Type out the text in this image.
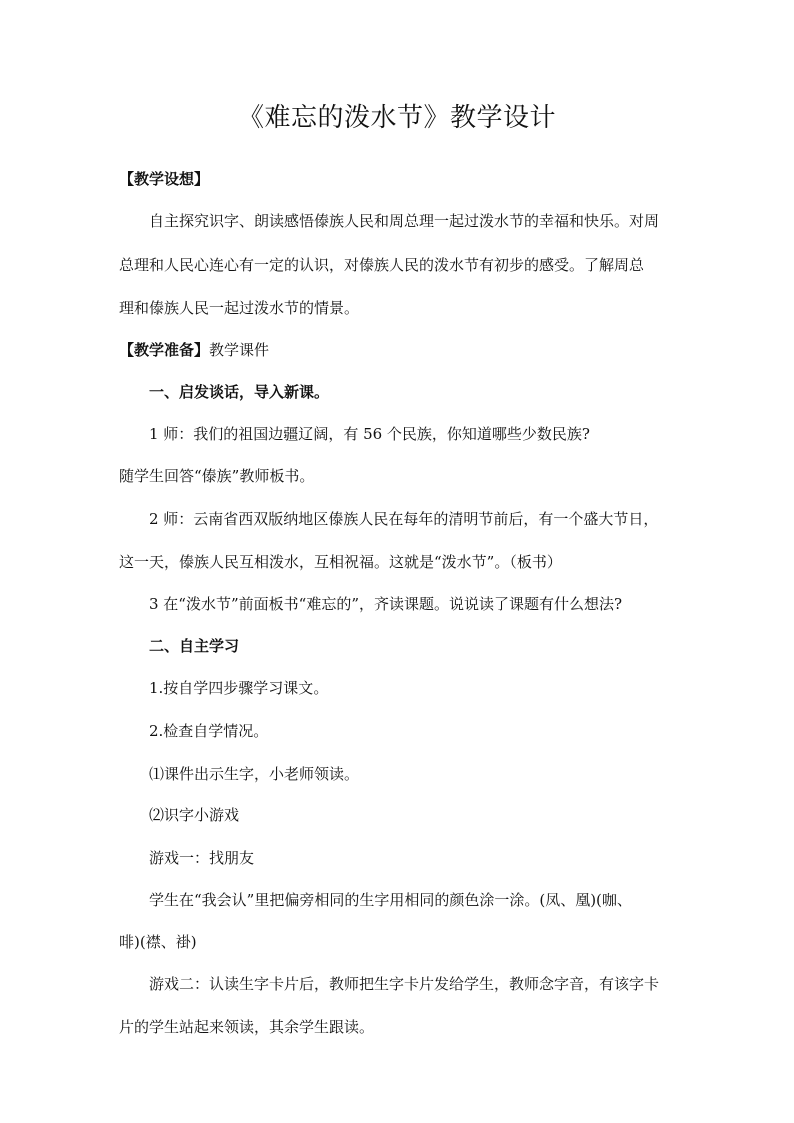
《难忘的泼水节》教学设计
【教学设想】
自主探究识字、朗读感悟傣族人民和周总理一起过泼水节的幸福和快乐。对周
总理和人民心连心有一定的认识，对傣族人民的泼水节有初步的感受。了解周总
理和傣族人民一起过泼水节的情景。
【教学准备】教学课件
一、启发谈话，导入新课。
1 师：我们的祖国边疆辽阔，有 56 个民族，你知道哪些少数民族?
随学生回答“傣族”教师板书。
2 师：云南省西双版纳地区傣族人民在每年的清明节前后，有一个盛大节日，
这一天，傣族人民互相泼水，互相祝福。这就是“泼水节”。（板书）
3 在“泼水节”前面板书“难忘的”，齐读课题。说说读了课题有什么想法?
二、自主学习
1.按自学四步骤学习课文。
2.检查自学情况。
⑴课件出示生字，小老师领读。
⑵识字小游戏
游戏一：找朋友
学生在“我会认”里把偏旁相同的生字用相同的颜色涂一涂。(凤、凰)(咖、
啡)(襟、褂)
游戏二：认读生字卡片后，教师把生字卡片发给学生，教师念字音，有该字卡
片的学生站起来领读，其余学生跟读。
